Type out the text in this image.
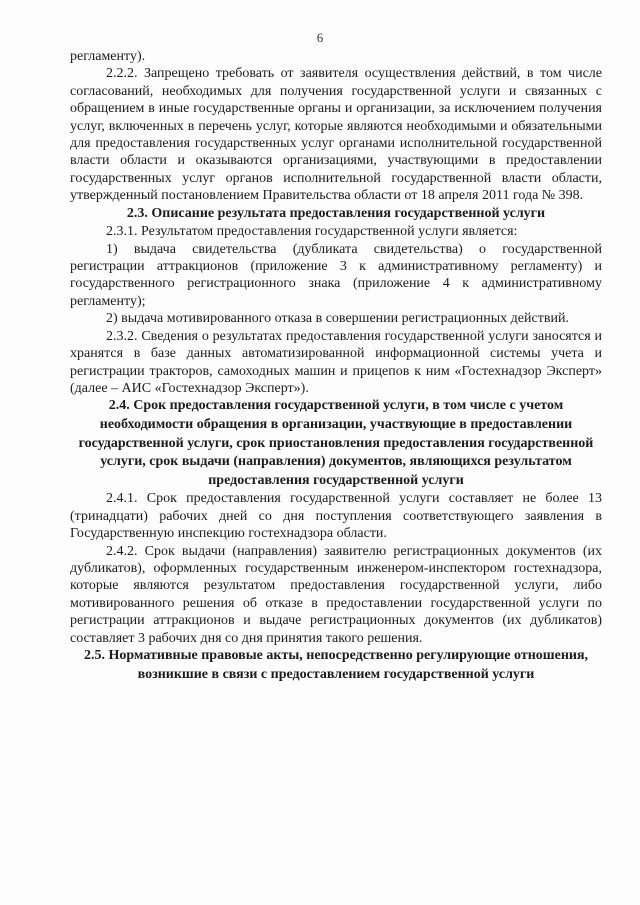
6

регламенту).

2.2.2. Запрещено требовать от заявителя осуществления действий, в том числе согласований, необходимых для получения государственной услуги и связанных с обращением в иные государственные органы и организации, за исключением получения услуг, включенных в перечень услуг, которые являются необходимыми и обязательными для предоставления государственных услуг органами исполнительной государственной власти области и оказываются организациями, участвующими в предоставлении государственных услуг органов исполнительной государственной власти области, утвержденный постановлением Правительства области от 18 апреля 2011 года № 398.

2.3. Описание результата предоставления государственной услуги

2.3.1. Результатом предоставления государственной услуги является:

1) выдача свидетельства (дубликата свидетельства) о государственной регистрации аттракционов (приложение 3 к административному регламенту) и государственного регистрационного знака (приложение 4 к административному регламенту);

2) выдача мотивированного отказа в совершении регистрационных действий.

2.3.2. Сведения о результатах предоставления государственной услуги заносятся и хранятся в базе данных автоматизированной информационной системы учета и регистрации тракторов, самоходных машин и прицепов к ним «Гостехнадзор Эксперт» (далее – АИС «Гостехнадзор Эксперт»).

2.4. Срок предоставления государственной услуги, в том числе с учетом необходимости обращения в организации, участвующие в предоставлении государственной услуги, срок приостановления предоставления государственной услуги, срок выдачи (направления) документов, являющихся результатом предоставления государственной услуги

2.4.1. Срок предоставления государственной услуги составляет не более 13 (тринадцати) рабочих дней со дня поступления соответствующего заявления в Государственную инспекцию гостехнадзора области.

2.4.2. Срок выдачи (направления) заявителю регистрационных документов (их дубликатов), оформленных государственным инженером-инспектором гостехнадзора, которые являются результатом предоставления государственной услуги, либо мотивированного решения об отказе в предоставлении государственной услуги по регистрации аттракционов и выдаче регистрационных документов (их дубликатов) составляет 3 рабочих дня со дня принятия такого решения.

2.5. Нормативные правовые акты, непосредственно регулирующие отношения, возникшие в связи с предоставлением государственной услуги
